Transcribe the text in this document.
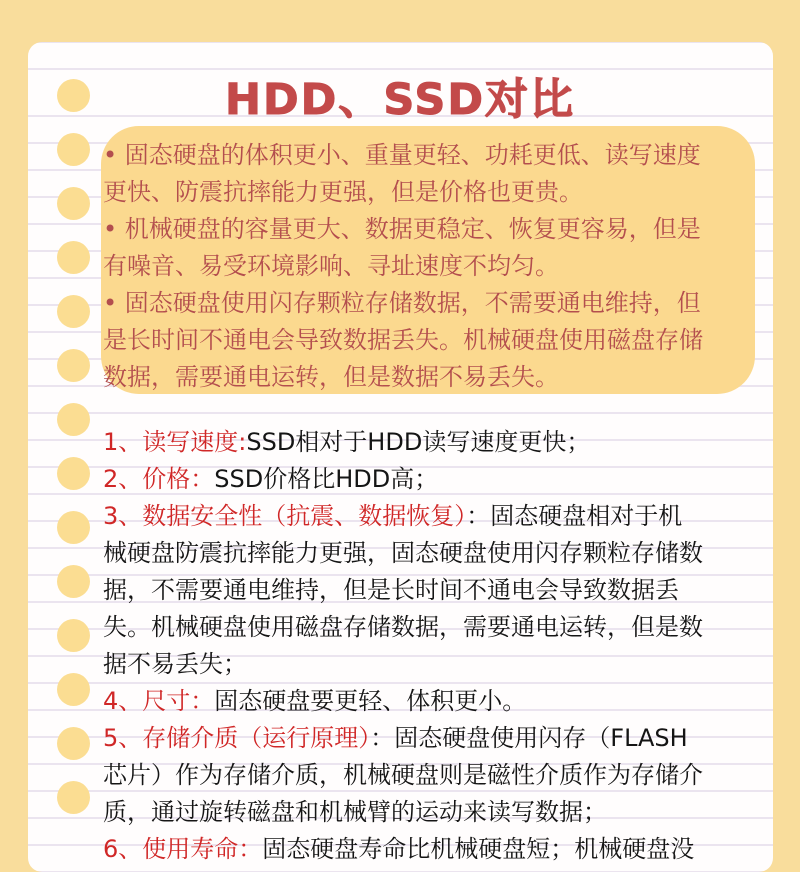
HDD、SSD对比
• 固态硬盘的体积更小、重量更轻、功耗更低、读写速度
更快、防震抗摔能力更强，但是价格也更贵。
• 机械硬盘的容量更大、数据更稳定、恢复更容易，但是
有噪音、易受环境影响、寻址速度不均匀。
• 固态硬盘使用闪存颗粒存储数据，不需要通电维持，但
是长时间不通电会导致数据丢失。机械硬盘使用磁盘存储
数据，需要通电运转，但是数据不易丢失。
1、读写速度:SSD相对于HDD读写速度更快；
2、价格：SSD价格比HDD高；
3、数据安全性（抗震、数据恢复）：固态硬盘相对于机
械硬盘防震抗摔能力更强，固态硬盘使用闪存颗粒存储数
据，不需要通电维持，但是长时间不通电会导致数据丢
失。机械硬盘使用磁盘存储数据，需要通电运转，但是数
据不易丢失；
4、尺寸：固态硬盘要更轻、体积更小。
5、存储介质（运行原理）：固态硬盘使用闪存（FLASH
芯片）作为存储介质，机械硬盘则是磁性介质作为存储介
质，通过旋转磁盘和机械臂的运动来读写数据；
6、使用寿命：固态硬盘寿命比机械硬盘短；机械硬盘没
